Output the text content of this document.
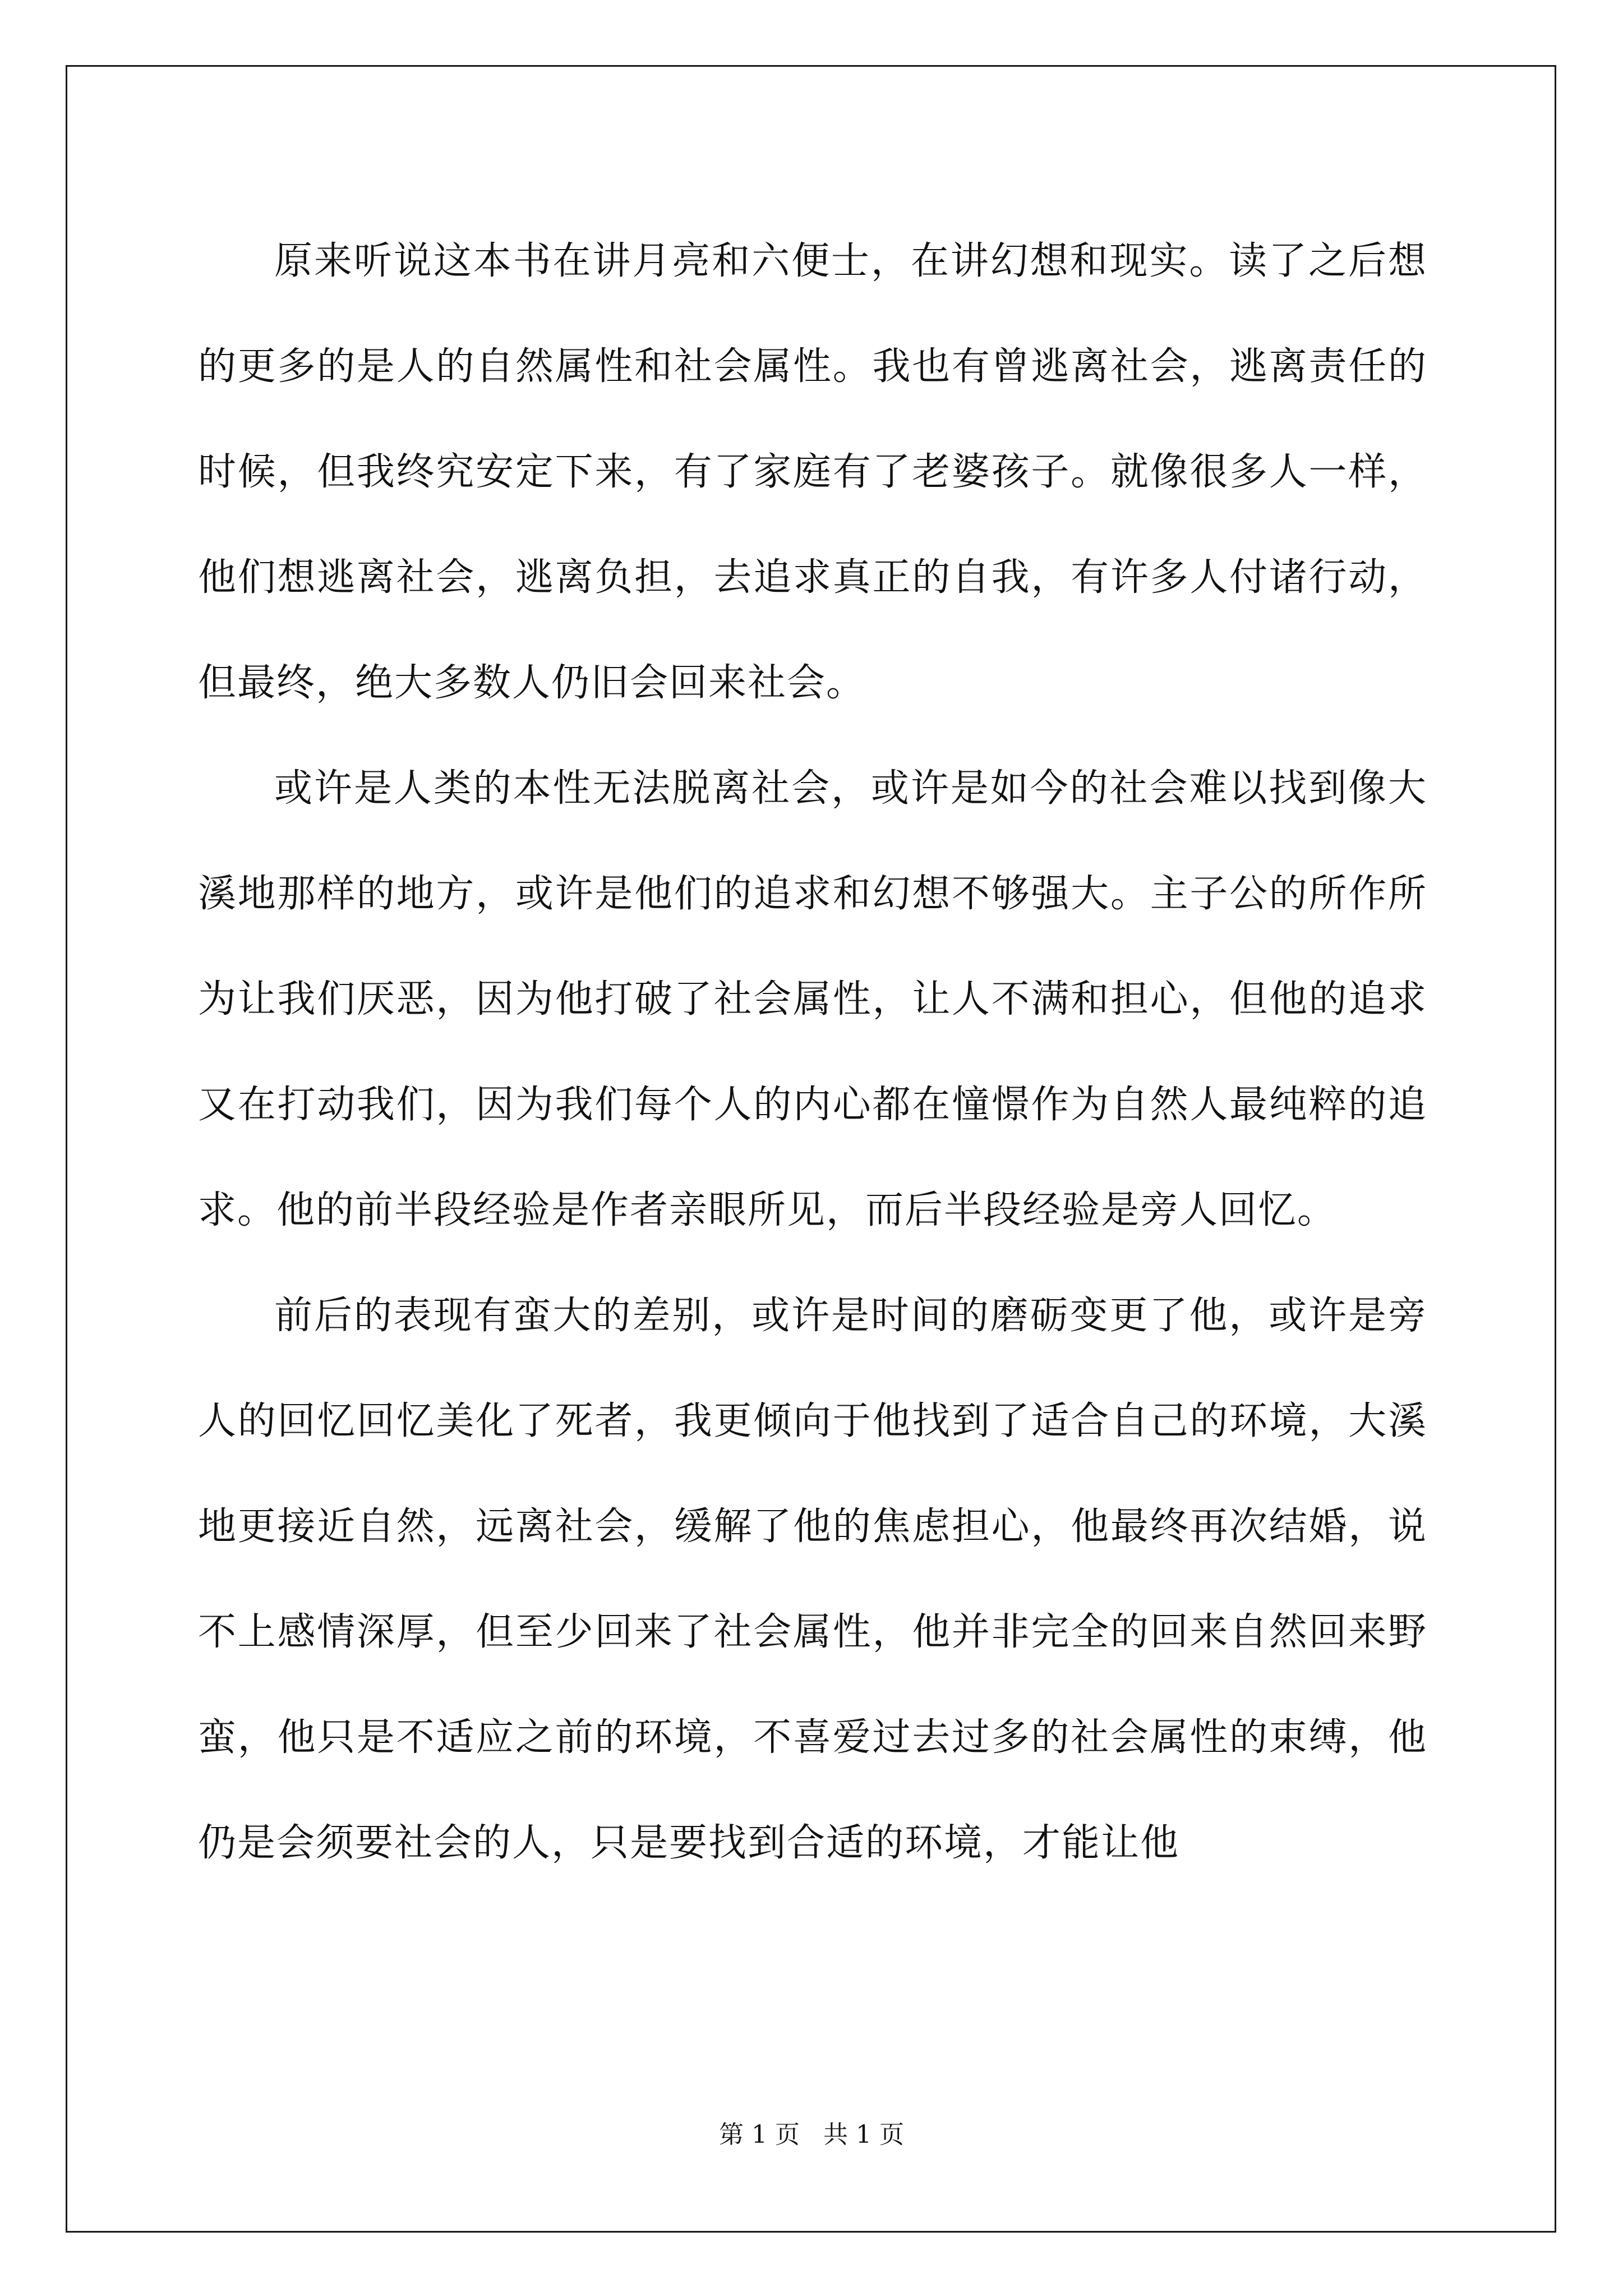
原来听说这本书在讲月亮和六便士，在讲幻想和现实。读了之后想的更多的是人的自然属性和社会属性。我也有曾逃离社会，逃离责任的时候，但我终究安定下来，有了家庭有了老婆孩子。就像很多人一样，他们想逃离社会，逃离负担，去追求真正的自我，有许多人付诸行动，但最终，绝大多数人仍旧会回来社会。

或许是人类的本性无法脱离社会，或许是如今的社会难以找到像大溪地那样的地方，或许是他们的追求和幻想不够强大。主子公的所作所为让我们厌恶，因为他打破了社会属性，让人不满和担心，但他的追求又在打动我们，因为我们每个人的内心都在憧憬作为自然人最纯粹的追求。他的前半段经验是作者亲眼所见，而后半段经验是旁人回忆。

前后的表现有蛮大的差别，或许是时间的磨砺变更了他，或许是旁人的回忆回忆美化了死者，我更倾向于他找到了适合自己的环境，大溪地更接近自然，远离社会，缓解了他的焦虑担心，他最终再次结婚，说不上感情深厚，但至少回来了社会属性，他并非完全的回来自然回来野蛮，他只是不适应之前的环境，不喜爱过去过多的社会属性的束缚，他仍是会须要社会的人，只是要找到合适的环境，才能让他

第 1 页   共 1 页
